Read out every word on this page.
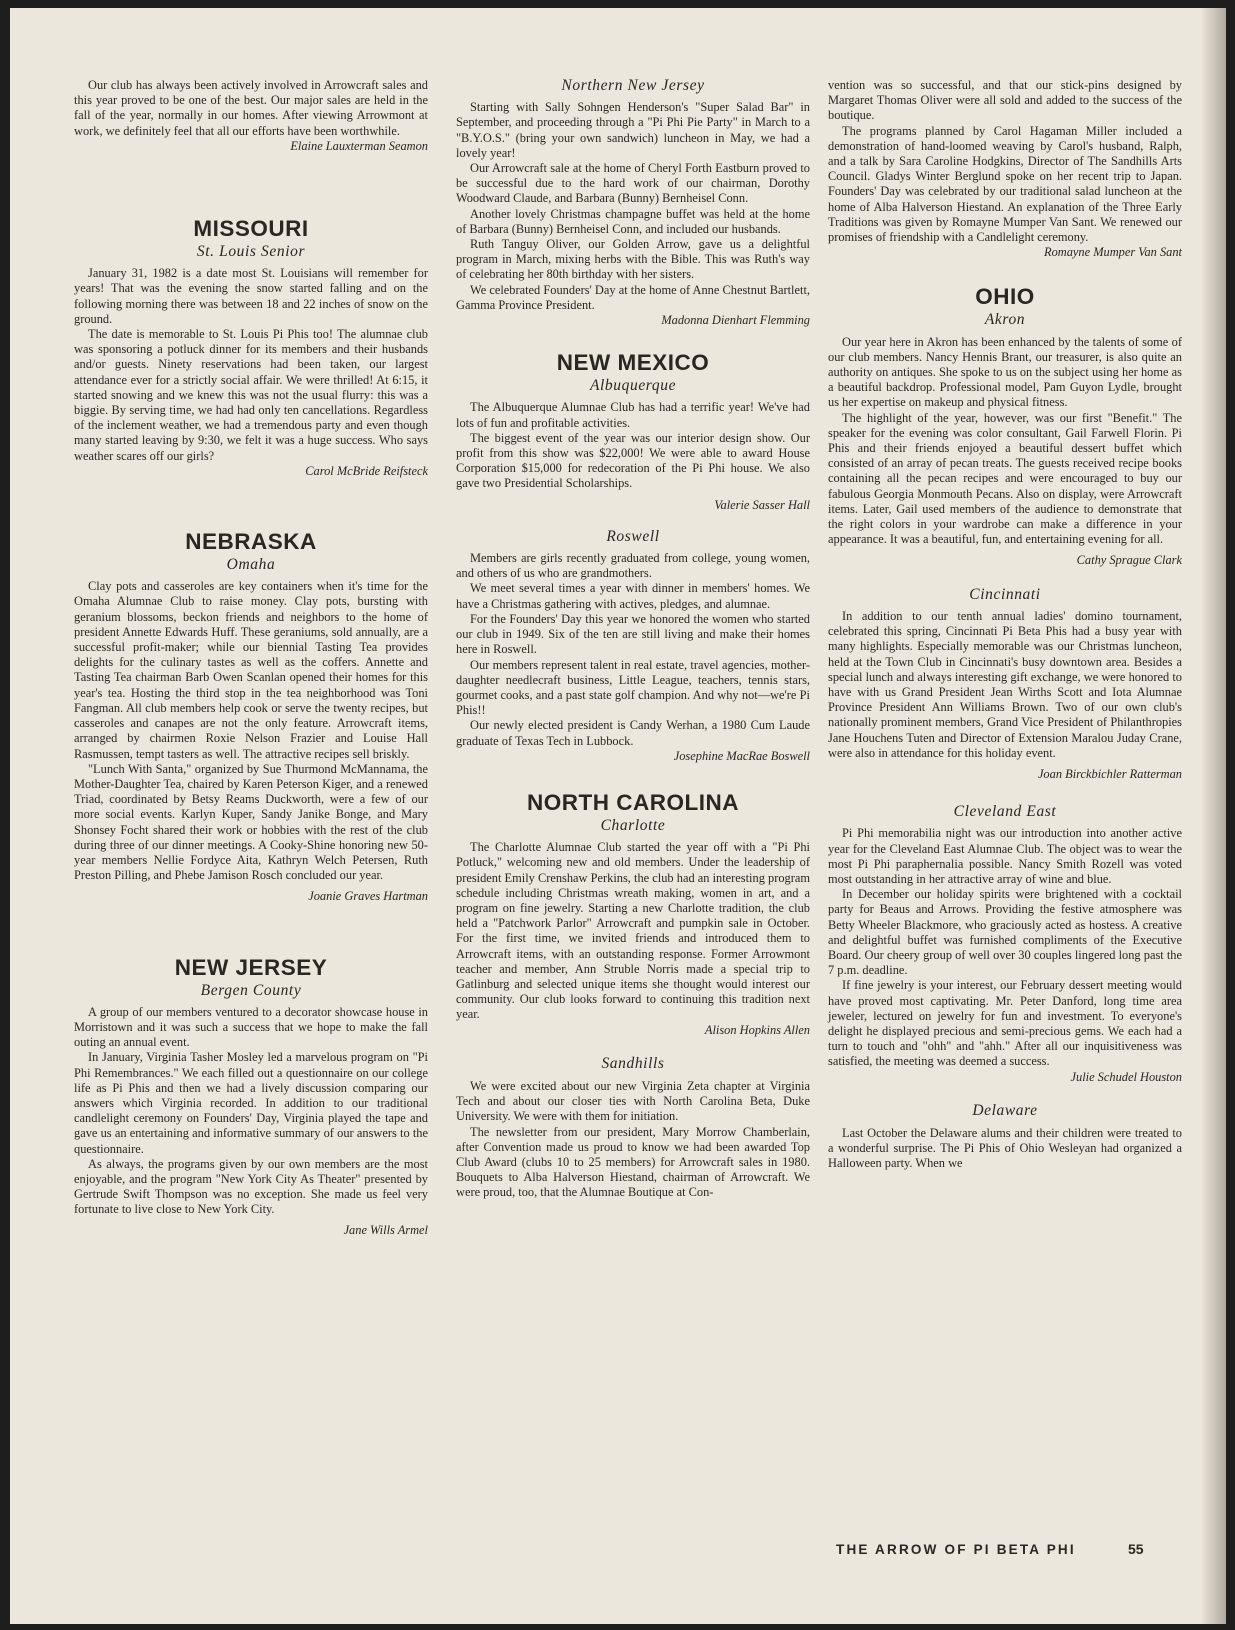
Our club has always been actively involved in Arrowcraft sales and this year proved to be one of the best. Our major sales are held in the fall of the year, normally in our homes. After viewing Arrowmont at work, we definitely feel that all our efforts have been worthwhile.

Elaine Lauxterman Seamon

MISSOURI
St. Louis Senior

January 31, 1982 is a date most St. Louisians will remember for years! That was the evening the snow started falling and on the following morning there was between 18 and 22 inches of snow on the ground.

The date is memorable to St. Louis Pi Phis too! The alumnae club was sponsoring a potluck dinner for its members and their husbands and/or guests. Ninety reservations had been taken, our largest attendance ever for a strictly social affair. We were thrilled! At 6:15, it started snowing and we knew this was not the usual flurry: this was a biggie. By serving time, we had had only ten cancellations. Regardless of the inclement weather, we had a tremendous party and even though many started leaving by 9:30, we felt it was a huge success. Who says weather scares off our girls?

Carol McBride Reifsteck

NEBRASKA
Omaha

Clay pots and casseroles are key containers when it's time for the Omaha Alumnae Club to raise money. Clay pots, bursting with geranium blossoms, beckon friends and neighbors to the home of president Annette Edwards Huff. These geraniums, sold annually, are a successful profit-maker; while our biennial Tasting Tea provides delights for the culinary tastes as well as the coffers. Annette and Tasting Tea chairman Barb Owen Scanlan opened their homes for this year's tea. Hosting the third stop in the tea neighborhood was Toni Fangman. All club members help cook or serve the twenty recipes, but casseroles and canapes are not the only feature. Arrowcraft items, arranged by chairmen Roxie Nelson Frazier and Louise Hall Rasmussen, tempt tasters as well. The attractive recipes sell briskly.

"Lunch With Santa," organized by Sue Thurmond McMannama, the Mother-Daughter Tea, chaired by Karen Peterson Kiger, and a renewed Triad, coordinated by Betsy Reams Duckworth, were a few of our more social events. Karlyn Kuper, Sandy Janike Bonge, and Mary Shonsey Focht shared their work or hobbies with the rest of the club during three of our dinner meetings. A Cooky-Shine honoring new 50-year members Nellie Fordyce Aita, Kathryn Welch Petersen, Ruth Preston Pilling, and Phebe Jamison Rosch concluded our year.

Joanie Graves Hartman

NEW JERSEY
Bergen County

A group of our members ventured to a decorator showcase house in Morristown and it was such a success that we hope to make the fall outing an annual event.

In January, Virginia Tasher Mosley led a marvelous program on "Pi Phi Remembrances." We each filled out a questionnaire on our college life as Pi Phis and then we had a lively discussion comparing our answers which Virginia recorded. In addition to our traditional candlelight ceremony on Founders' Day, Virginia played the tape and gave us an entertaining and informative summary of our answers to the questionnaire.

As always, the programs given by our own members are the most enjoyable, and the program "New York City As Theater" presented by Gertrude Swift Thompson was no exception. She made us feel very fortunate to live close to New York City.

Jane Wills Armel

Northern New Jersey

Starting with Sally Sohngen Henderson's "Super Salad Bar" in September, and proceeding through a "Pi Phi Pie Party" in March to a "B.Y.O.S." (bring your own sandwich) luncheon in May, we had a lovely year!

Our Arrowcraft sale at the home of Cheryl Forth Eastburn proved to be successful due to the hard work of our chairman, Dorothy Woodward Claude, and Barbara (Bunny) Bernheisel Conn.

Another lovely Christmas champagne buffet was held at the home of Barbara (Bunny) Bernheisel Conn, and included our husbands.

Ruth Tanguy Oliver, our Golden Arrow, gave us a delightful program in March, mixing herbs with the Bible. This was Ruth's way of celebrating her 80th birthday with her sisters.

We celebrated Founders' Day at the home of Anne Chestnut Bartlett, Gamma Province President.

Madonna Dienhart Flemming

NEW MEXICO
Albuquerque

The Albuquerque Alumnae Club has had a terrific year! We've had lots of fun and profitable activities.

The biggest event of the year was our interior design show. Our profit from this show was $22,000! We were able to award House Corporation $15,000 for redecoration of the Pi Phi house. We also gave two Presidential Scholarships.

Valerie Sasser Hall

Roswell

Members are girls recently graduated from college, young women, and others of us who are grandmothers.

We meet several times a year with dinner in members' homes. We have a Christmas gathering with actives, pledges, and alumnae.

For the Founders' Day this year we honored the women who started our club in 1949. Six of the ten are still living and make their homes here in Roswell.

Our members represent talent in real estate, travel agencies, mother-daughter needlecraft business, Little League, teachers, tennis stars, gourmet cooks, and a past state golf champion. And why not—we're Pi Phis!!

Our newly elected president is Candy Werhan, a 1980 Cum Laude graduate of Texas Tech in Lubbock.

Josephine MacRae Boswell

NORTH CAROLINA
Charlotte

The Charlotte Alumnae Club started the year off with a "Pi Phi Potluck," welcoming new and old members. Under the leadership of president Emily Crenshaw Perkins, the club had an interesting program schedule including Christmas wreath making, women in art, and a program on fine jewelry. Starting a new Charlotte tradition, the club held a "Patchwork Parlor" Arrowcraft and pumpkin sale in October. For the first time, we invited friends and introduced them to Arrowcraft items, with an outstanding response. Former Arrowmont teacher and member, Ann Struble Norris made a special trip to Gatlinburg and selected unique items she thought would interest our community. Our club looks forward to continuing this tradition next year.

Alison Hopkins Allen

Sandhills

We were excited about our new Virginia Zeta chapter at Virginia Tech and about our closer ties with North Carolina Beta, Duke University. We were with them for initiation.

The newsletter from our president, Mary Morrow Chamberlain, after Convention made us proud to know we had been awarded Top Club Award (clubs 10 to 25 members) for Arrowcraft sales in 1980. Bouquets to Alba Halverson Hiestand, chairman of Arrowcraft. We were proud, too, that the Alumnae Boutique at Con-

vention was so successful, and that our stick-pins designed by Margaret Thomas Oliver were all sold and added to the success of the boutique.

The programs planned by Carol Hagaman Miller included a demonstration of hand-loomed weaving by Carol's husband, Ralph, and a talk by Sara Caroline Hodgkins, Director of The Sandhills Arts Council. Gladys Winter Berglund spoke on her recent trip to Japan. Founders' Day was celebrated by our traditional salad luncheon at the home of Alba Halverson Hiestand. An explanation of the Three Early Traditions was given by Romayne Mumper Van Sant. We renewed our promises of friendship with a Candlelight ceremony.

Romayne Mumper Van Sant

OHIO
Akron

Our year here in Akron has been enhanced by the talents of some of our club members. Nancy Hennis Brant, our treasurer, is also quite an authority on antiques. She spoke to us on the subject using her home as a beautiful backdrop. Professional model, Pam Guyon Lydle, brought us her expertise on makeup and physical fitness.

The highlight of the year, however, was our first "Benefit." The speaker for the evening was color consultant, Gail Farwell Florin. Pi Phis and their friends enjoyed a beautiful dessert buffet which consisted of an array of pecan treats. The guests received recipe books containing all the pecan recipes and were encouraged to buy our fabulous Georgia Monmouth Pecans. Also on display, were Arrowcraft items. Later, Gail used members of the audience to demonstrate that the right colors in your wardrobe can make a difference in your appearance. It was a beautiful, fun, and entertaining evening for all.

Cathy Sprague Clark

Cincinnati

In addition to our tenth annual ladies' domino tournament, celebrated this spring, Cincinnati Pi Beta Phis had a busy year with many highlights. Especially memorable was our Christmas luncheon, held at the Town Club in Cincinnati's busy downtown area. Besides a special lunch and always interesting gift exchange, we were honored to have with us Grand President Jean Wirths Scott and Iota Alumnae Province President Ann Williams Brown. Two of our own club's nationally prominent members, Grand Vice President of Philanthropies Jane Houchens Tuten and Director of Extension Maralou Juday Crane, were also in attendance for this holiday event.

Joan Birckbichler Ratterman

Cleveland East

Pi Phi memorabilia night was our introduction into another active year for the Cleveland East Alumnae Club. The object was to wear the most Pi Phi paraphernalia possible. Nancy Smith Rozell was voted most outstanding in her attractive array of wine and blue.

In December our holiday spirits were brightened with a cocktail party for Beaus and Arrows. Providing the festive atmosphere was Betty Wheeler Blackmore, who graciously acted as hostess. A creative and delightful buffet was furnished compliments of the Executive Board. Our cheery group of well over 30 couples lingered long past the 7 p.m. deadline.

If fine jewelry is your interest, our February dessert meeting would have proved most captivating. Mr. Peter Danford, long time area jeweler, lectured on jewelry for fun and investment. To everyone's delight he displayed precious and semi-precious gems. We each had a turn to touch and "ohh" and "ahh." After all our inquisitiveness was satisfied, the meeting was deemed a success.

Julie Schudel Houston

Delaware

Last October the Delaware alums and their children were treated to a wonderful surprise. The Pi Phis of Ohio Wesleyan had organized a Halloween party. When we

THE ARROW OF PI BETA PHI	55
